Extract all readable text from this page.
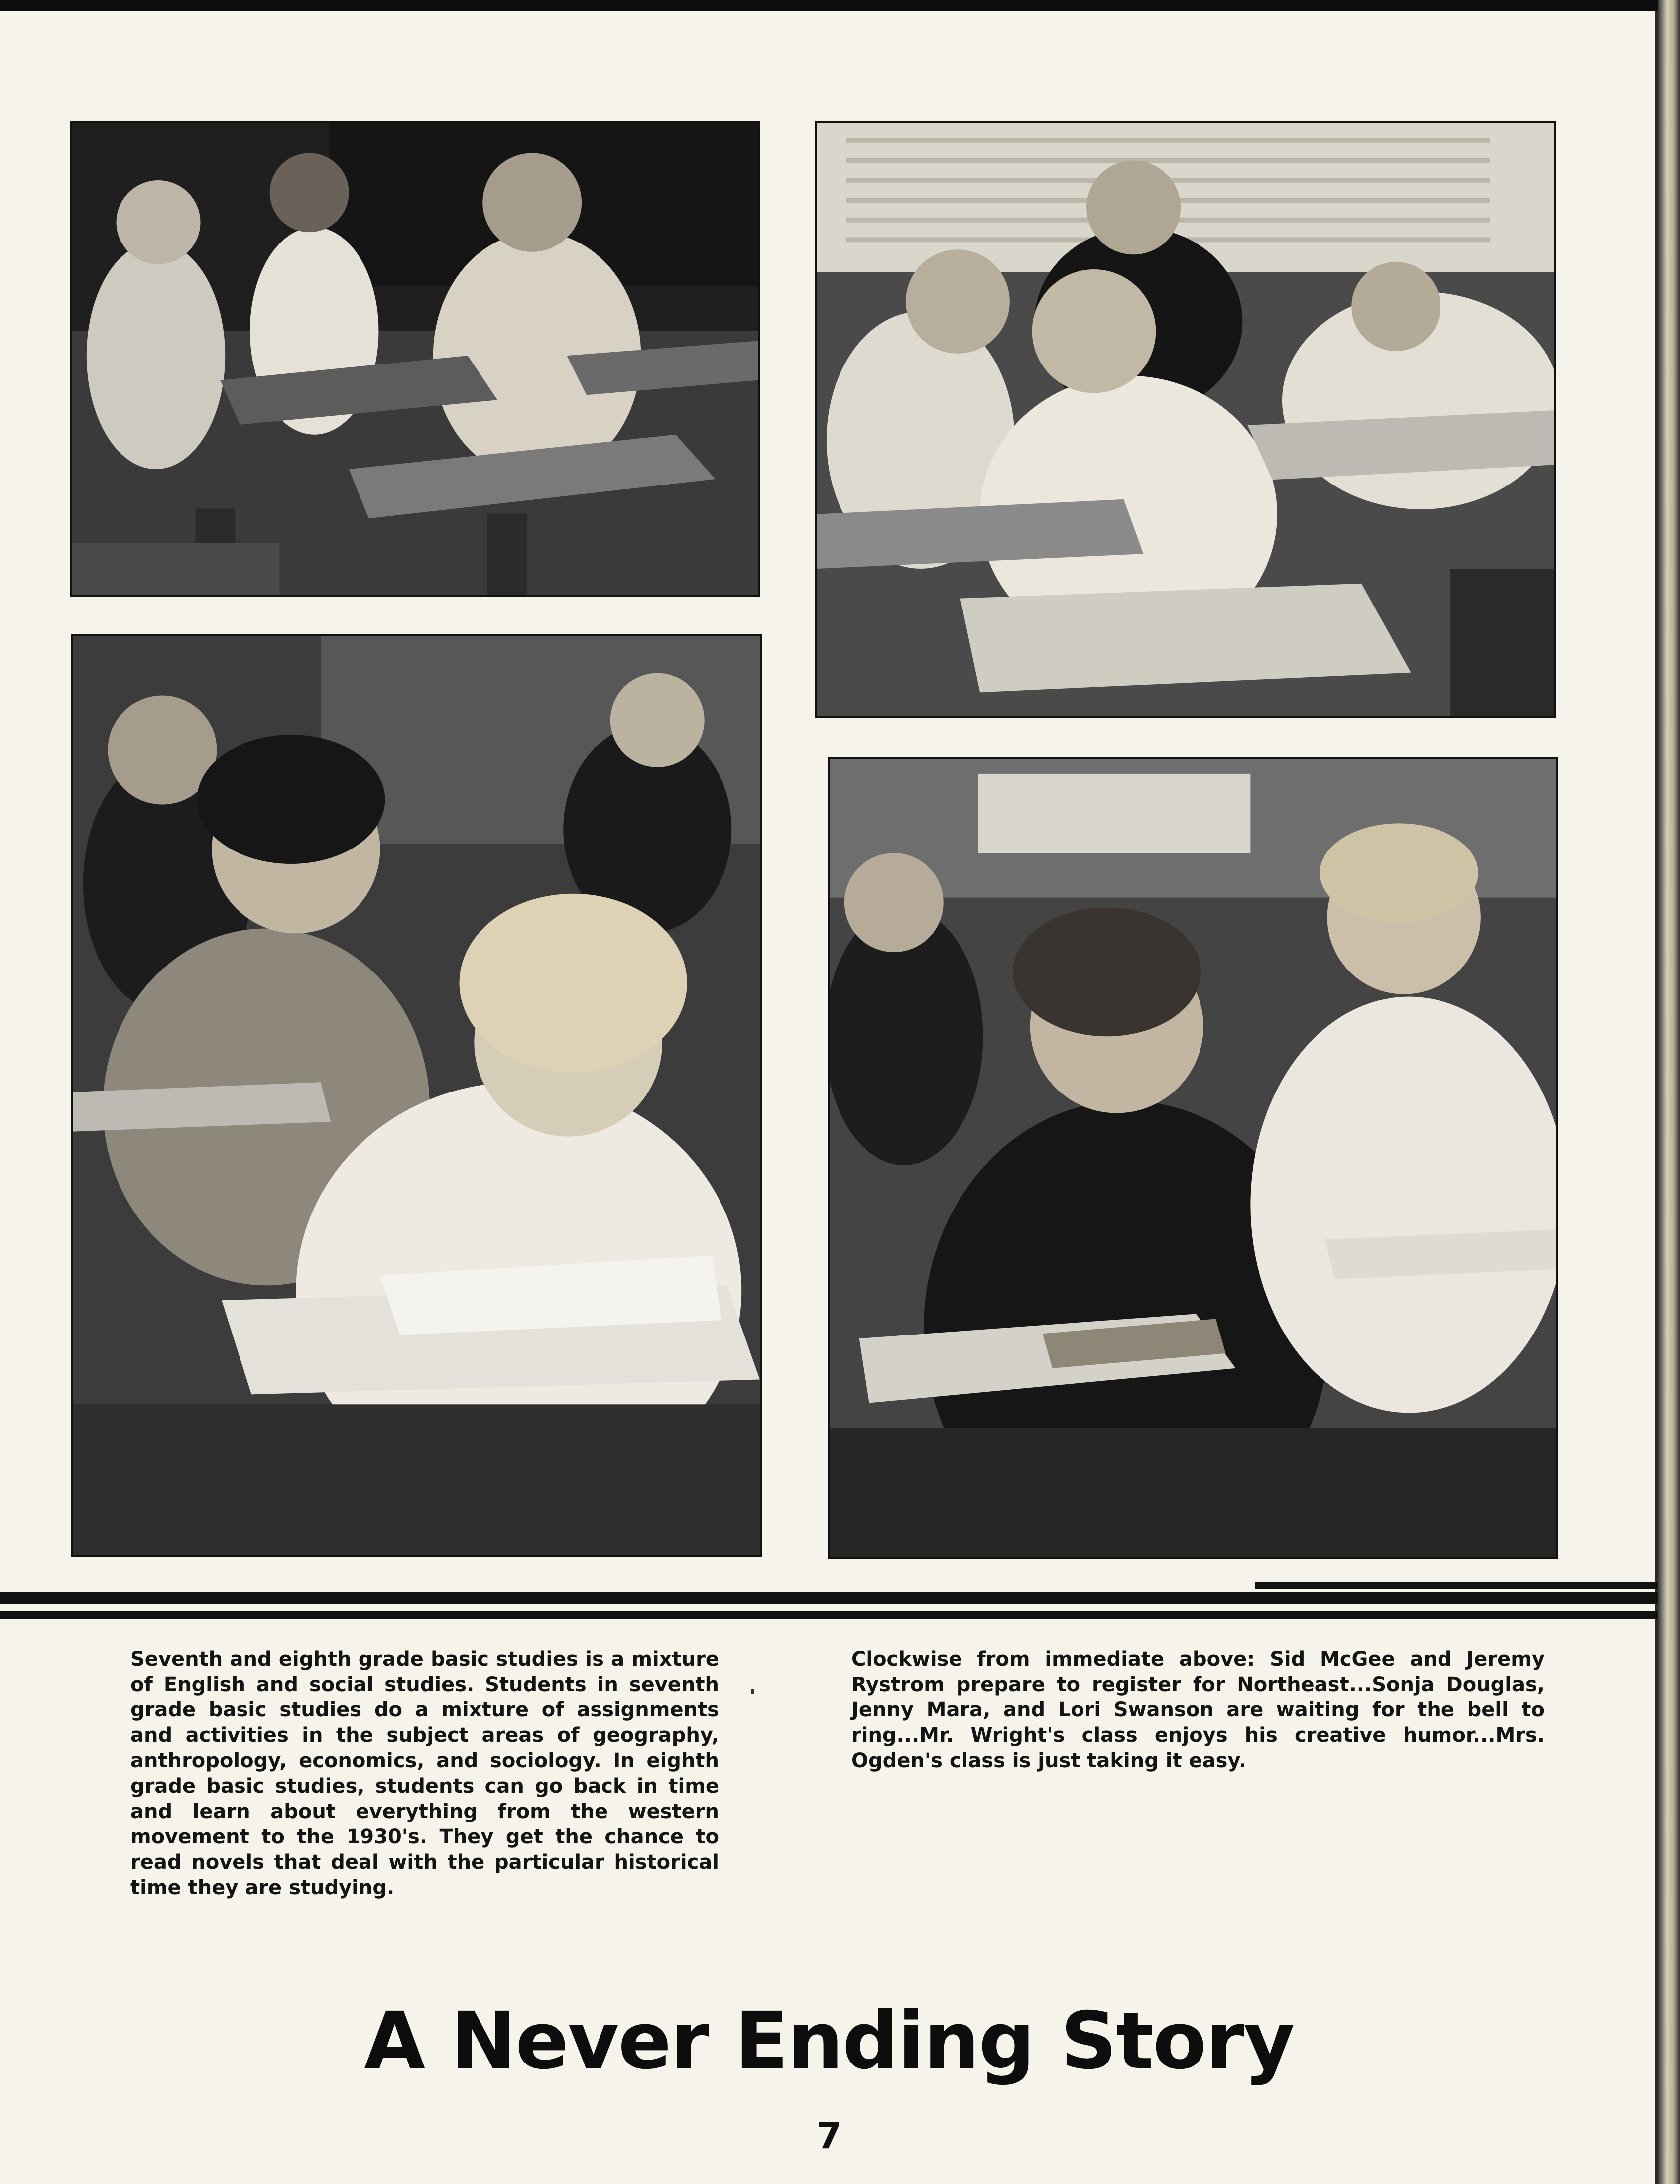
Seventh and eighth grade basic studies is a mixture of English and social studies. Students in seventh grade basic studies do a mixture of assignments and activities in the subject areas of geography, anthropology, economics, and sociology. In eighth grade basic studies, students can go back in time and learn about everything from the western movement to the 1930's. They get the chance to read novels that deal with the particular historical time they are studying.
Clockwise from immediate above: Sid McGee and Jeremy Rystrom prepare to register for Northeast...Sonja Douglas, Jenny Mara, and Lori Swanson are waiting for the bell to ring...Mr. Wright's class enjoys his creative humor...Mrs. Ogden's class is just taking it easy.
A Never Ending Story
7
